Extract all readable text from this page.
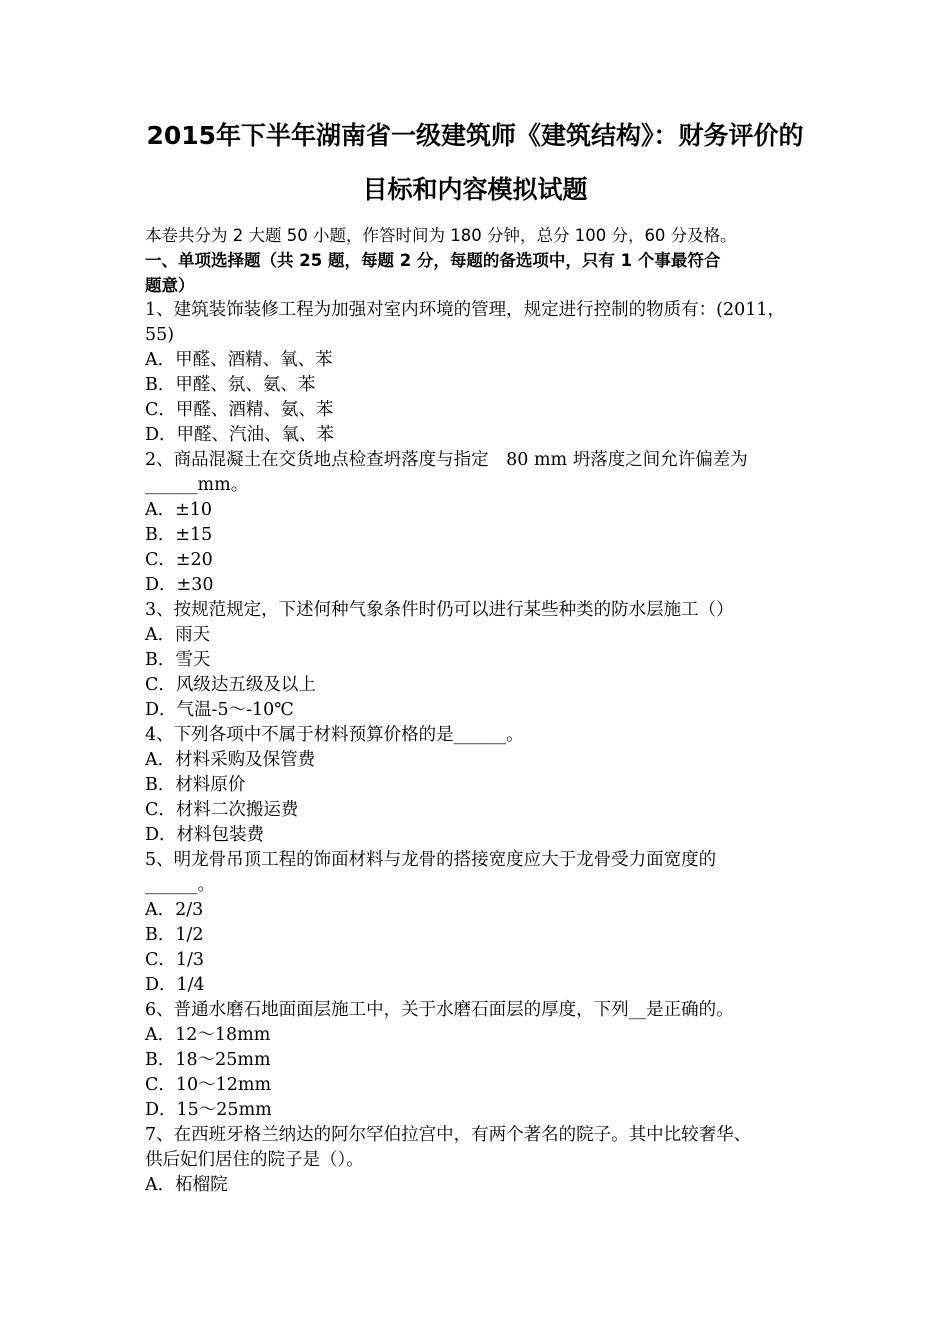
2015年下半年湖南省一级建筑师《建筑结构》：财务评价的
目标和内容模拟试题
本卷共分为 2 大题 50 小题，作答时间为 180 分钟，总分 100 分，60 分及格。
一、单项选择题（共 25 题，每题 2 分，每题的备选项中，只有 1 个事最符合
题意）
1、建筑装饰装修工程为加强对室内环境的管理，规定进行控制的物质有：(2011，
55)
A．甲醛、酒精、氧、苯
B．甲醛、氛、氨、苯
C．甲醛、酒精、氨、苯
D．甲醛、汽油、氧、苯
2、商品混凝土在交货地点检查坍落度与指定　80 mm 坍落度之间允许偏差为
______mm。
A．±10
B．±15
C．±20
D．±30
3、按规范规定，下述何种气象条件时仍可以进行某些种类的防水层施工（）
A．雨天
B．雪天
C．风级达五级及以上
D．气温-5～-10℃
4、下列各项中不属于材料预算价格的是______。
A．材料采购及保管费
B．材料原价
C．材料二次搬运费
D．材料包装费
5、明龙骨吊顶工程的饰面材料与龙骨的搭接宽度应大于龙骨受力面宽度的
______。
A．2/3
B．1/2
C．1/3
D．1/4
6、普通水磨石地面面层施工中，关于水磨石面层的厚度，下列__是正确的。
A．12～18mm
B．18～25mm
C．10～12mm
D．15～25mm
7、在西班牙格兰纳达的阿尔罕伯拉宫中，有两个著名的院子。其中比较奢华、
供后妃们居住的院子是（）。
A．柘榴院
